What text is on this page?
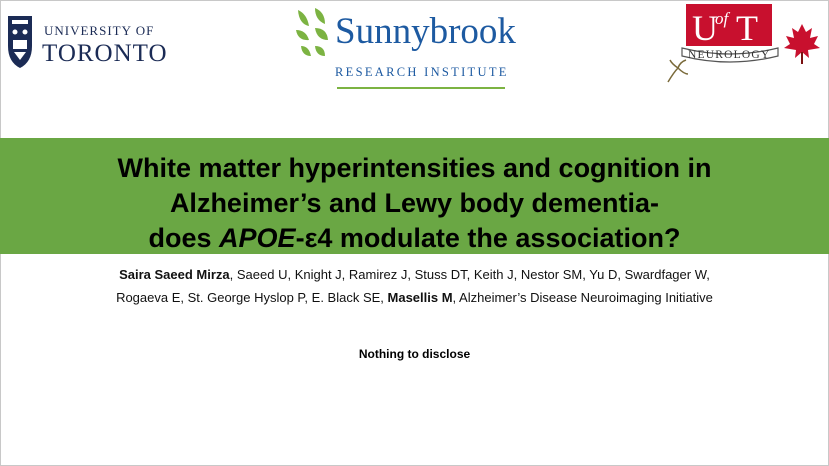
UNIVERSITY OF
TORONTO
Sunnybrook
RESEARCH INSTITUTE
U
of T
NEUROLOGY
White matter hyperintensities and cognition in
Alzheimer’s and Lewy body dementia-
does APOE-ε4 modulate the association?
Saira Saeed Mirza, Saeed U, Knight J, Ramirez J, Stuss DT, Keith J, Nestor SM, Yu D, Swardfager W,
Rogaeva E, St. George Hyslop P, E. Black SE, Masellis M, Alzheimer’s Disease Neuroimaging Initiative
Nothing to disclose
